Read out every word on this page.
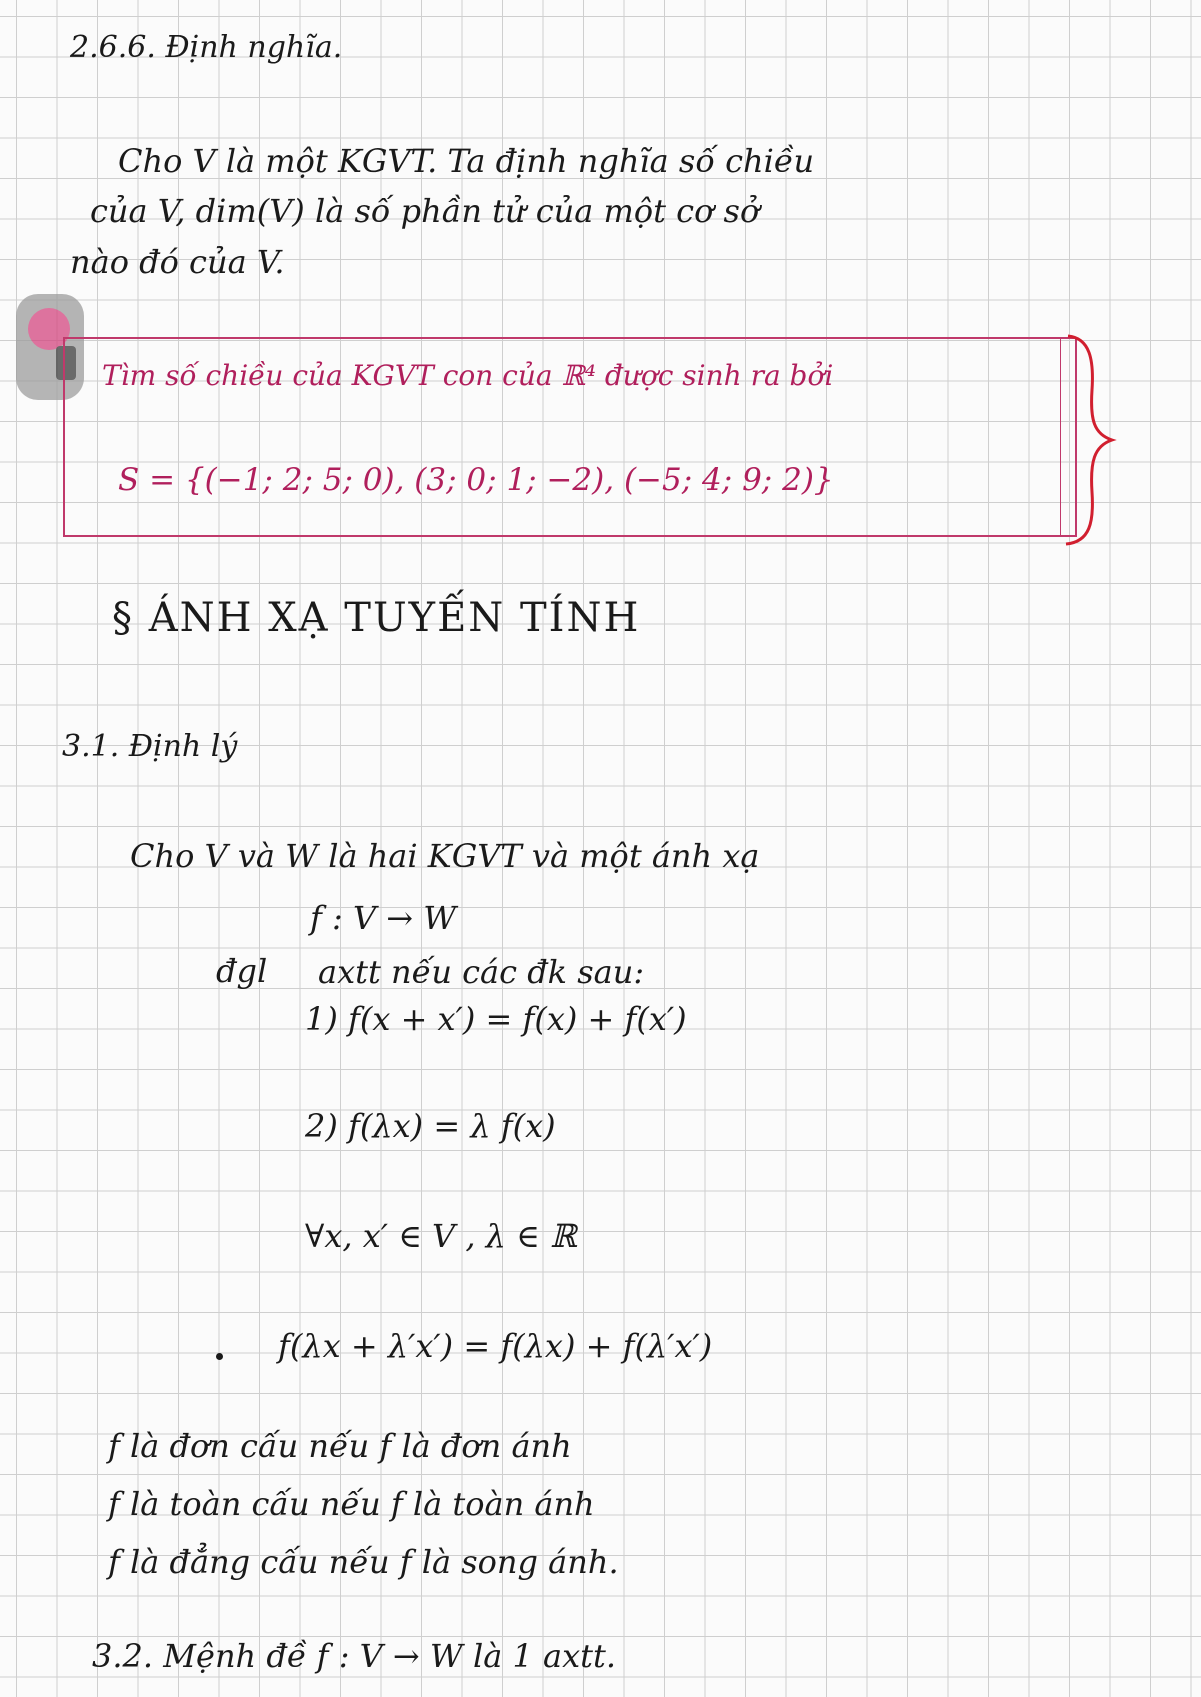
2.6.6. Định nghĩa.
Cho V là một KGVT. Ta định nghĩa số chiều
của V, dim(V) là số phần tử của một cơ sở
nào đó của V.
Tìm số chiều của KGVT con của ℝ⁴ được sinh ra bởi
S = {(−1; 2; 5; 0), (3; 0; 1; −2), (−5; 4; 9; 2)}
§ ÁNH XẠ TUYẾN TÍNH
3.1. Định lý
Cho V và W là hai KGVT và một ánh xạ
f : V → W
đgl axtt nếu các đk sau:
1) f(x + x′) = f(x) + f(x′)
2) f(λx) = λ f(x)
∀x, x′ ∈ V , λ ∈ ℝ
f(λx + λ′x′) = f(λx) + f(λ′x′)
f là đơn cấu nếu f là đơn ánh
f là toàn cấu nếu f là toàn ánh
f là đẳng cấu nếu f là song ánh.
3.2. Mệnh đề f : V → W là 1 axtt.
